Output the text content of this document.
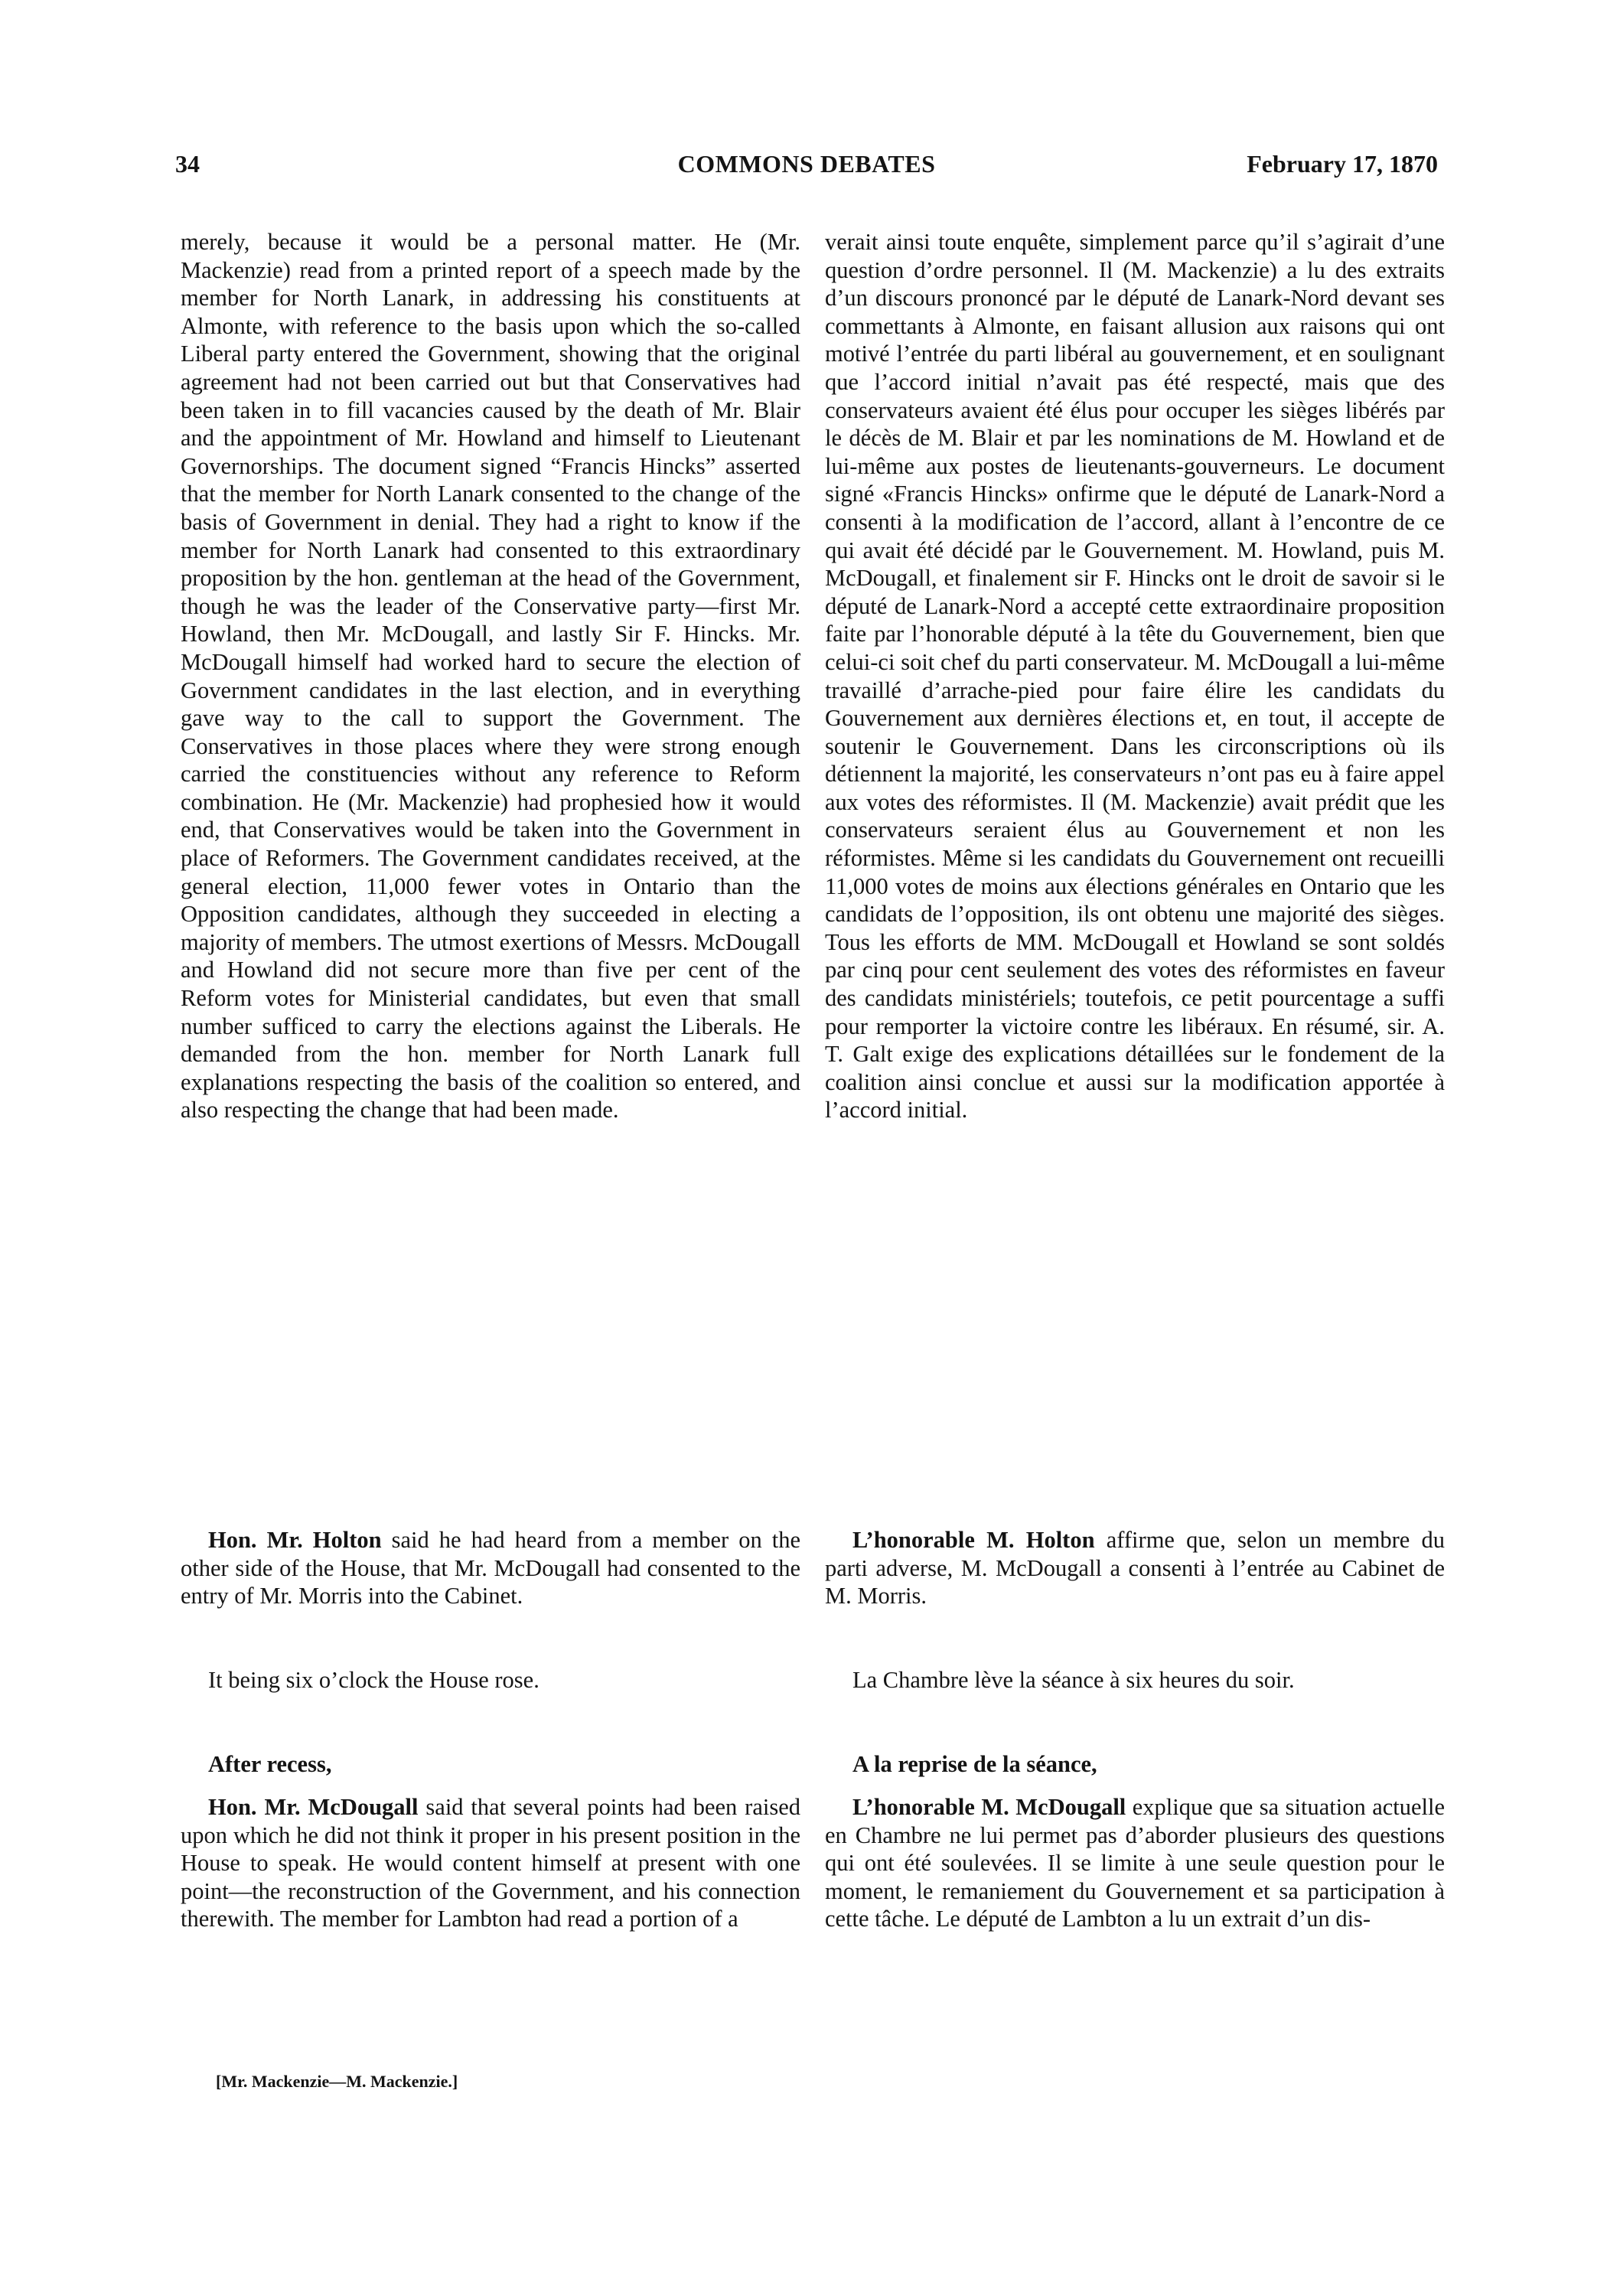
34	COMMONS DEBATES	February 17, 1870

merely, because it would be a personal matter. He (Mr. Mackenzie) read from a printed report of a speech made by the member for North Lanark, in addressing his constituents at Almonte, with reference to the basis upon which the so-called Liberal party entered the Government, showing that the original agreement had not been carried out but that Conservatives had been taken in to fill vacancies caused by the death of Mr. Blair and the appointment of Mr. Howland and himself to Lieutenant Governorships. The document signed “Francis Hincks” asserted that the member for North Lanark consented to the change of the basis of Government in denial. They had a right to know if the member for North Lanark had consented to this extraordinary proposition by the hon. gentleman at the head of the Government, though he was the leader of the Conservative party—first Mr. Howland, then Mr. McDougall, and lastly Sir F. Hincks. Mr. McDougall himself had worked hard to secure the election of Government candidates in the last election, and in everything gave way to the call to support the Government. The Conservatives in those places where they were strong enough carried the constituencies without any reference to Reform combination. He (Mr. Mackenzie) had prophesied how it would end, that Conservatives would be taken into the Government in place of Reformers. The Government candidates received, at the general election, 11,000 fewer votes in Ontario than the Opposition candidates, although they succeeded in electing a majority of members. The utmost exertions of Messrs. McDougall and Howland did not secure more than five per cent of the Reform votes for Ministerial candidates, but even that small number sufficed to carry the elections against the Liberals. He demanded from the hon. member for North Lanark full explanations respecting the basis of the coalition so entered, and also respecting the change that had been made.

Hon. Mr. Holton said he had heard from a member on the other side of the House, that Mr. McDougall had consented to the entry of Mr. Morris into the Cabinet.

It being six o’clock the House rose.

After recess,

Hon. Mr. McDougall said that several points had been raised upon which he did not think it proper in his present position in the House to speak. He would content himself at present with one point—the reconstruction of the Government, and his connection therewith. The member for Lambton had read a portion of a

verait ainsi toute enquête, simplement parce qu’il s’agirait d’une question d’ordre personnel. Il (M. Mackenzie) a lu des extraits d’un discours prononcé par le député de Lanark-Nord devant ses commettants à Almonte, en faisant allusion aux raisons qui ont motivé l’entrée du parti libéral au gouvernement, et en soulignant que l’accord initial n’avait pas été respecté, mais que des conservateurs avaient été élus pour occuper les sièges libérés par le décès de M. Blair et par les nominations de M. Howland et de lui-même aux postes de lieutenants-gouverneurs. Le document signé «Francis Hincks» onfirme que le député de Lanark-Nord a consenti à la modification de l’accord, allant à l’encontre de ce qui avait été décidé par le Gouvernement. M. Howland, puis M. McDougall, et finalement sir F. Hincks ont le droit de savoir si le député de Lanark-Nord a accepté cette extraordinaire proposition faite par l’honorable député à la tête du Gouvernement, bien que celui-ci soit chef du parti conservateur. M. McDougall a lui-même travaillé d’arrache-pied pour faire élire les candidats du Gouvernement aux dernières élections et, en tout, il accepte de soutenir le Gouvernement. Dans les circonscriptions où ils détiennent la majorité, les conservateurs n’ont pas eu à faire appel aux votes des réformistes. Il (M. Mackenzie) avait prédit que les conservateurs seraient élus au Gouvernement et non les réformistes. Même si les candidats du Gouvernement ont recueilli 11,000 votes de moins aux élections générales en Ontario que les candidats de l’opposition, ils ont obtenu une majorité des sièges. Tous les efforts de MM. McDougall et Howland se sont soldés par cinq pour cent seulement des votes des réformistes en faveur des candidats ministériels; toutefois, ce petit pourcentage a suffi pour remporter la victoire contre les libéraux. En résumé, sir. A. T. Galt exige des explications détaillées sur le fondement de la coalition ainsi conclue et aussi sur la modification apportée à l’accord initial.

L’honorable M. Holton affirme que, selon un membre du parti adverse, M. McDougall a consenti à l’entrée au Cabinet de M. Morris.

La Chambre lève la séance à six heures du soir.

A la reprise de la séance,

L’honorable M. McDougall explique que sa situation actuelle en Chambre ne lui permet pas d’aborder plusieurs des questions qui ont été soulevées. Il se limite à une seule question pour le moment, le remaniement du Gouvernement et sa participation à cette tâche. Le député de Lambton a lu un extrait d’un dis-

[Mr. Mackenzie—M. Mackenzie.]
